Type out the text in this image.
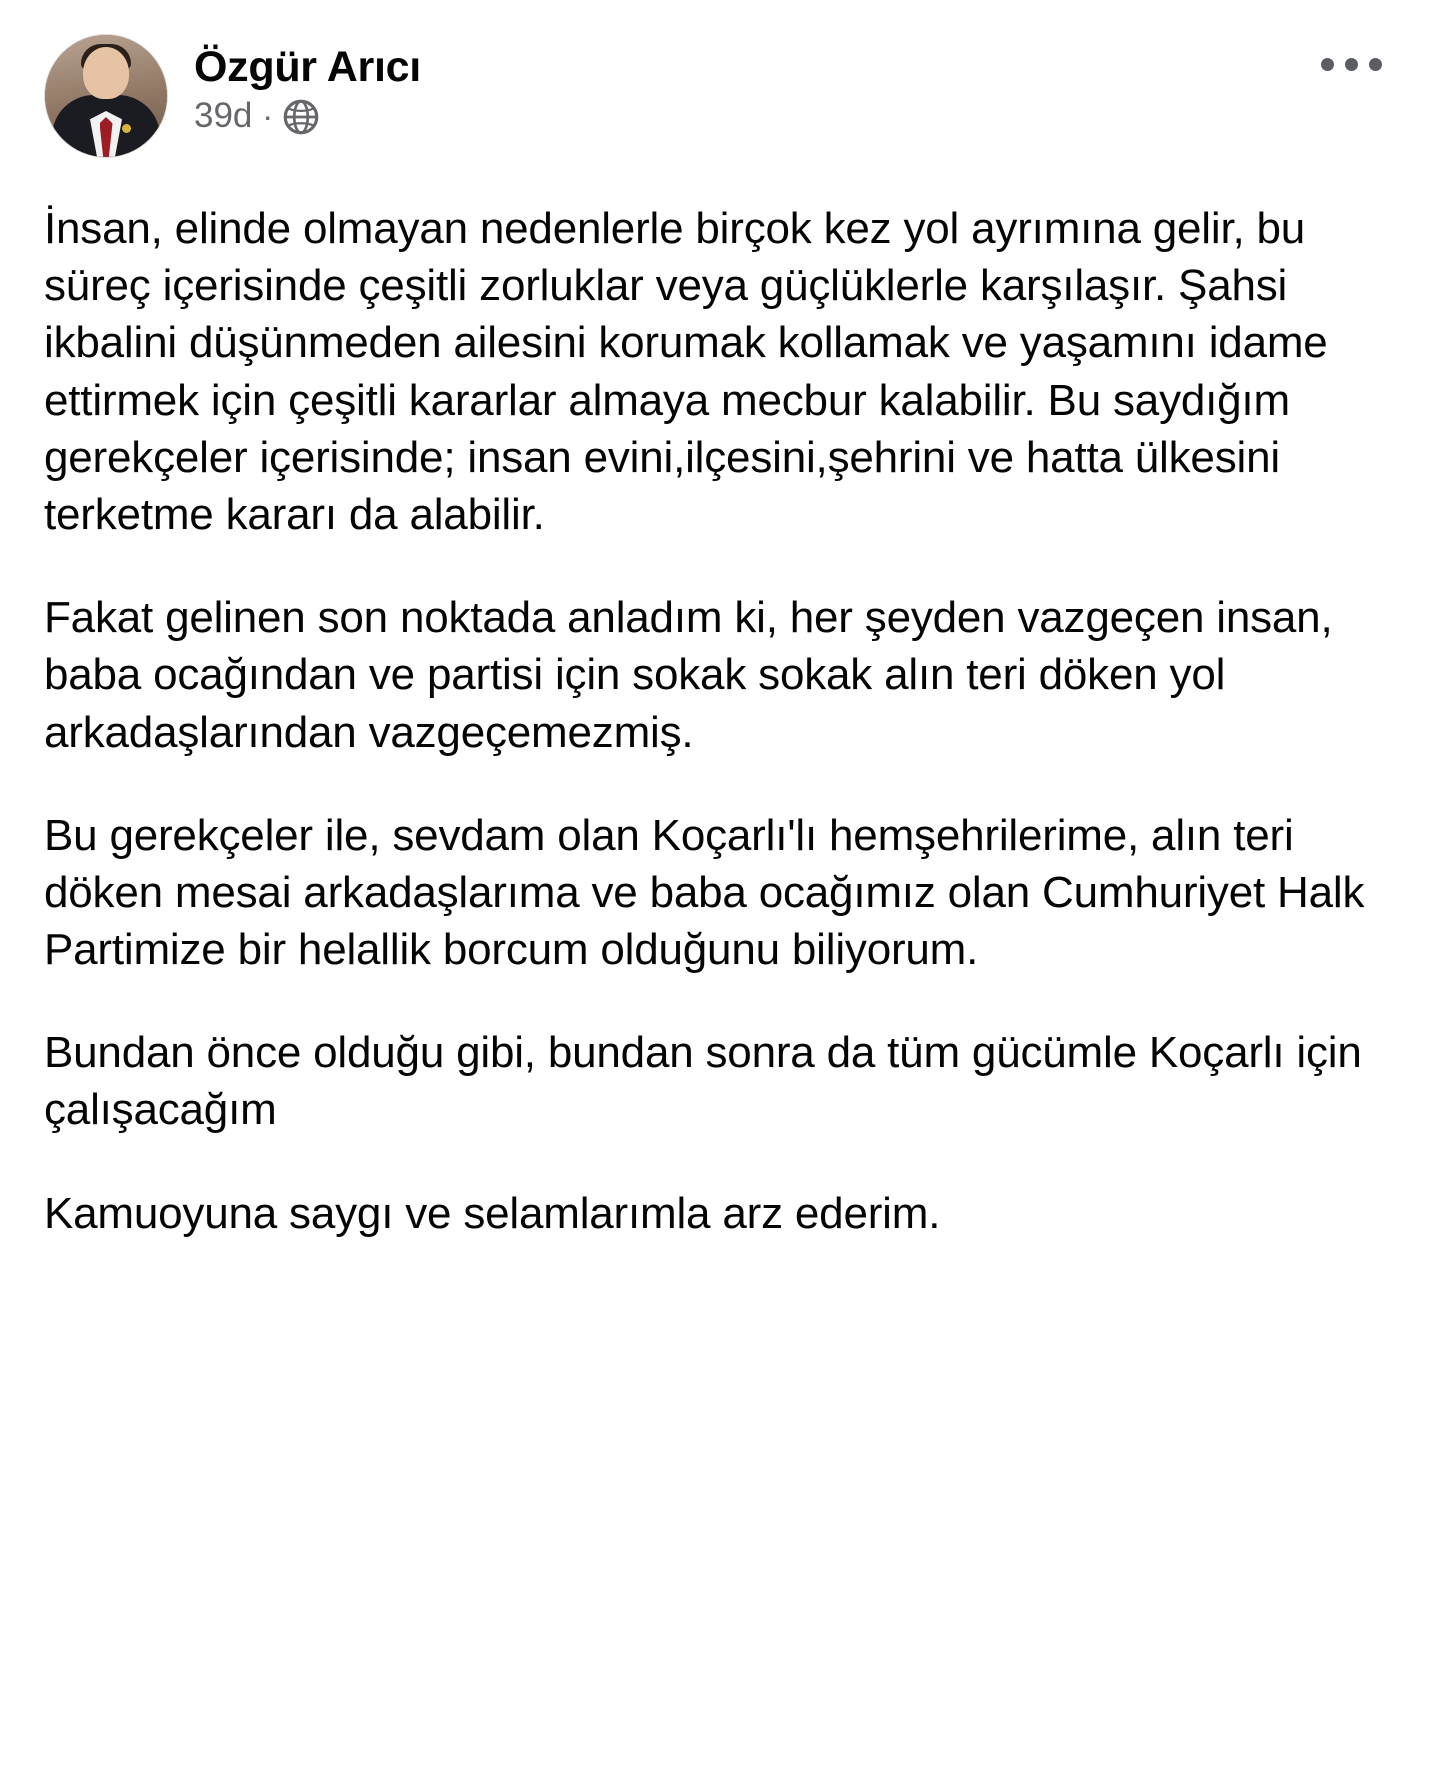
Özgür Arıcı
39d ·

İnsan, elinde olmayan nedenlerle birçok kez yol ayrımına gelir, bu süreç içerisinde çeşitli zorluklar veya güçlüklerle karşılaşır. Şahsi ikbalini düşünmeden ailesini korumak kollamak ve yaşamını idame ettirmek için çeşitli kararlar almaya mecbur kalabilir. Bu saydığım gerekçeler içerisinde; insan evini,ilçesini,şehrini ve hatta ülkesini terketme kararı da alabilir.

Fakat gelinen son noktada anladım ki, her şeyden vazgeçen insan, baba ocağından ve partisi için sokak sokak alın teri döken yol arkadaşlarından vazgeçemezmiş.

Bu gerekçeler ile, sevdam olan Koçarlı'lı hemşehrilerime, alın teri döken mesai arkadaşlarıma ve baba ocağımız olan Cumhuriyet Halk Partimize bir helallik borcum olduğunu biliyorum.

Bundan önce olduğu gibi, bundan sonra da tüm gücümle Koçarlı için çalışacağım

Kamuoyuna saygı ve selamlarımla arz ederim.
